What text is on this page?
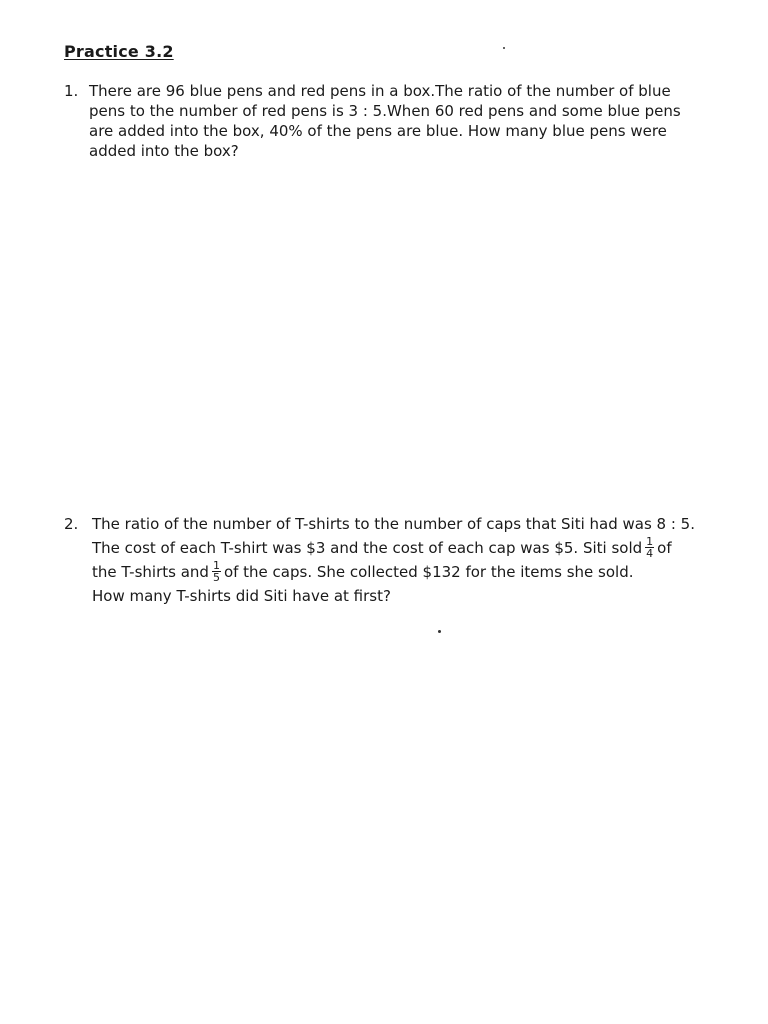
Practice 3.2
1. There are 96 blue pens and red pens in a box.The ratio of the number of blue
pens to the number of red pens is 3 : 5.When 60 red pens and some blue pens
are added into the box, 40% of the pens are blue. How many blue pens were
added into the box?
2. The ratio of the number of T-shirts to the number of caps that Siti had was 8 : 5.
The cost of each T-shirt was $3 and the cost of each cap was $5. Siti sold $\frac{1}{4}$ of
the T-shirts and $\frac{1}{5}$ of the caps. She collected $132 for the items she sold.
How many T-shirts did Siti have at first?
